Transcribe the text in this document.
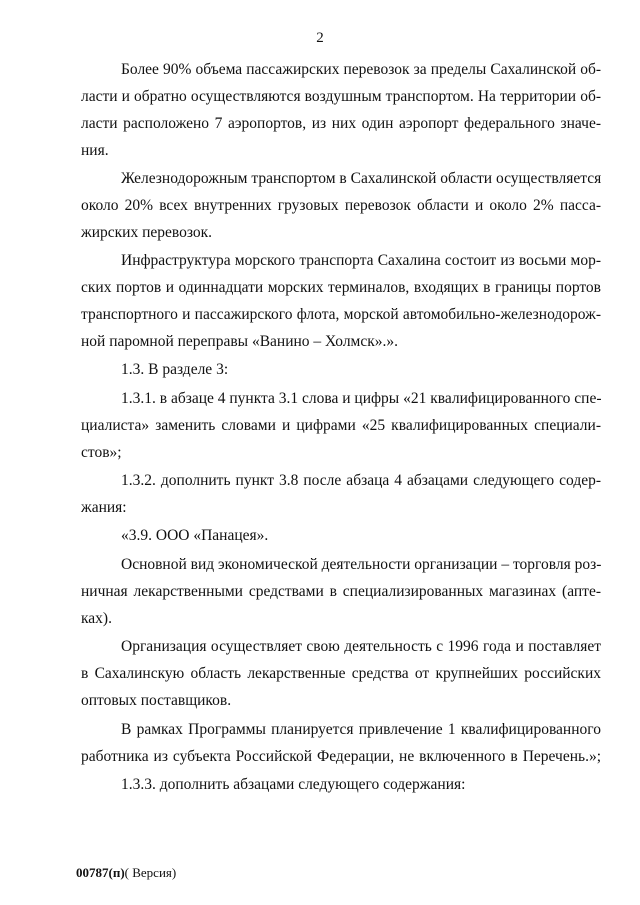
2
Более 90% объема пассажирских перевозок за пределы Сахалинской об-
ласти и обратно осуществляются воздушным транспортом. На территории об-
ласти расположено 7 аэропортов, из них один аэропорт федерального значе-
ния.
Железнодорожным транспортом в Сахалинской области осуществляется
около 20% всех внутренних грузовых перевозок области и около 2% пасса-
жирских перевозок.
Инфраструктура морского транспорта Сахалина состоит из восьми мор-
ских портов и одиннадцати морских терминалов, входящих в границы портов
транспортного и пассажирского флота, морской автомобильно-железнодорож-
ной паромной переправы «Ванино – Холмск».».
1.3. В разделе 3:
1.3.1. в абзаце 4 пункта 3.1 слова и цифры «21 квалифицированного спе-
циалиста» заменить словами и цифрами «25 квалифицированных специали-
стов»;
1.3.2. дополнить пункт 3.8 после абзаца 4 абзацами следующего содер-
жания:
«3.9. ООО «Панацея».
Основной вид экономической деятельности организации – торговля роз-
ничная лекарственными средствами в специализированных магазинах (апте-
ках).
Организация осуществляет свою деятельность с 1996 года и поставляет
в Сахалинскую область лекарственные средства от крупнейших российских
оптовых поставщиков.
В рамках Программы планируется привлечение 1 квалифицированного
работника из субъекта Российской Федерации, не включенного в Перечень.»;
1.3.3. дополнить абзацами следующего содержания:
00787(п)( Версия)
